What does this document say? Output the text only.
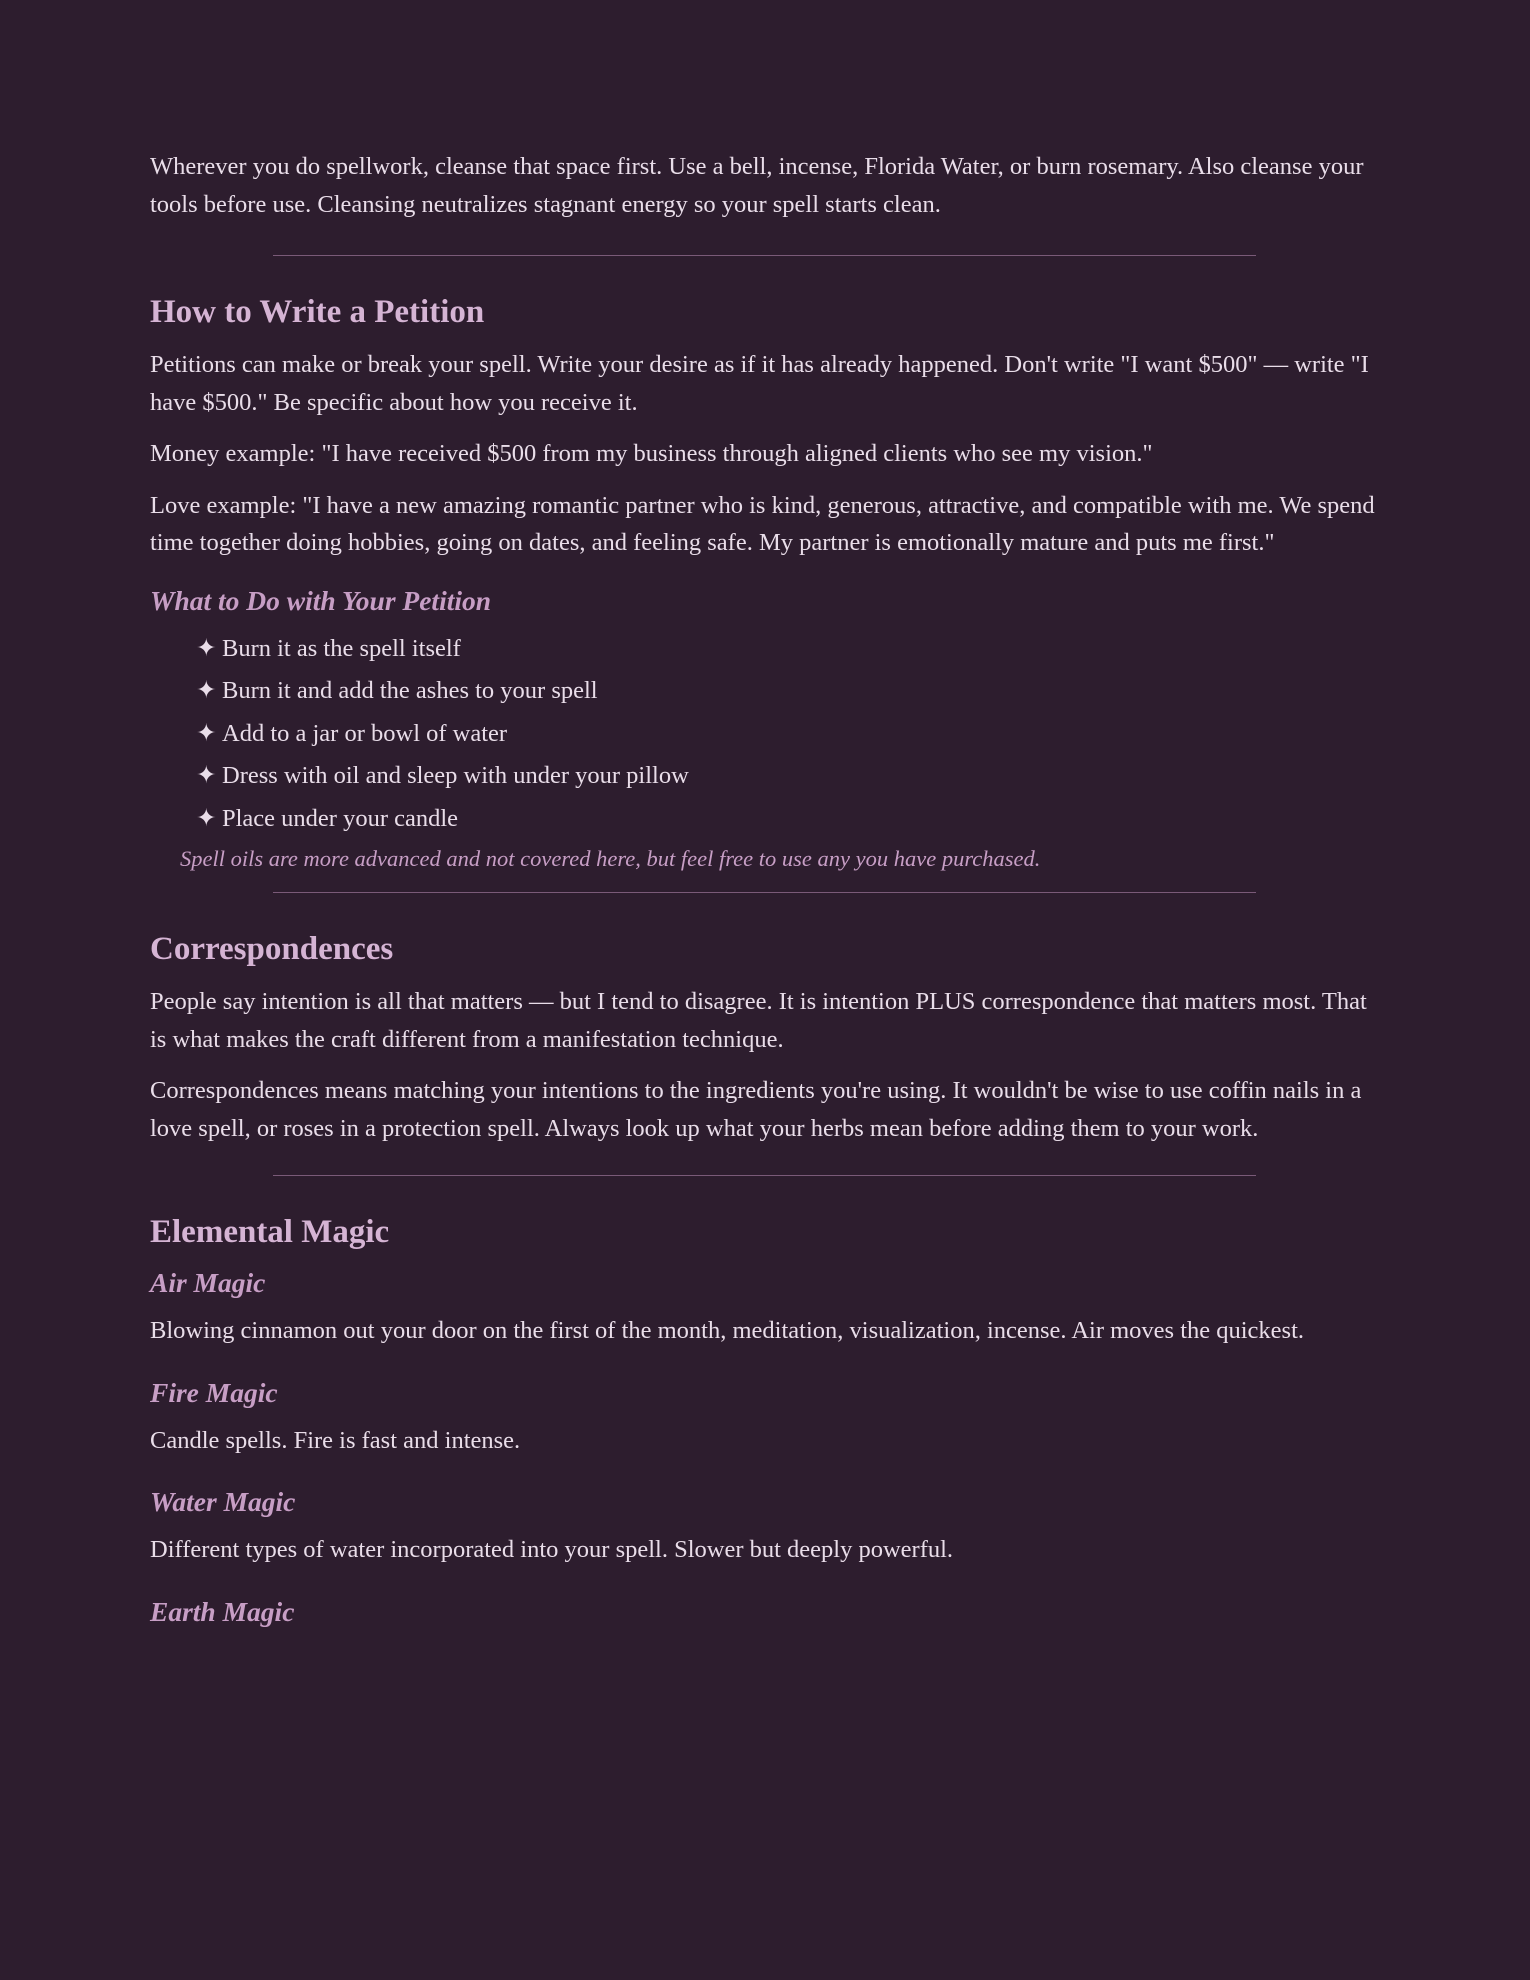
Wherever you do spellwork, cleanse that space first. Use a bell, incense, Florida Water, or burn rosemary. Also cleanse your tools before use. Cleansing neutralizes stagnant energy so your spell starts clean.

How to Write a Petition

Petitions can make or break your spell. Write your desire as if it has already happened. Don't write "I want $500" — write "I have $500." Be specific about how you receive it.

Money example: "I have received $500 from my business through aligned clients who see my vision."

Love example: "I have a new amazing romantic partner who is kind, generous, attractive, and compatible with me. We spend time together doing hobbies, going on dates, and feeling safe. My partner is emotionally mature and puts me first."

What to Do with Your Petition
✦ Burn it as the spell itself
✦ Burn it and add the ashes to your spell
✦ Add to a jar or bowl of water
✦ Dress with oil and sleep with under your pillow
✦ Place under your candle

Spell oils are more advanced and not covered here, but feel free to use any you have purchased.

Correspondences

People say intention is all that matters — but I tend to disagree. It is intention PLUS correspondence that matters most. That is what makes the craft different from a manifestation technique.

Correspondences means matching your intentions to the ingredients you're using. It wouldn't be wise to use coffin nails in a love spell, or roses in a protection spell. Always look up what your herbs mean before adding them to your work.

Elemental Magic
Air Magic

Blowing cinnamon out your door on the first of the month, meditation, visualization, incense. Air moves the quickest.

Fire Magic

Candle spells. Fire is fast and intense.

Water Magic

Different types of water incorporated into your spell. Slower but deeply powerful.

Earth Magic
